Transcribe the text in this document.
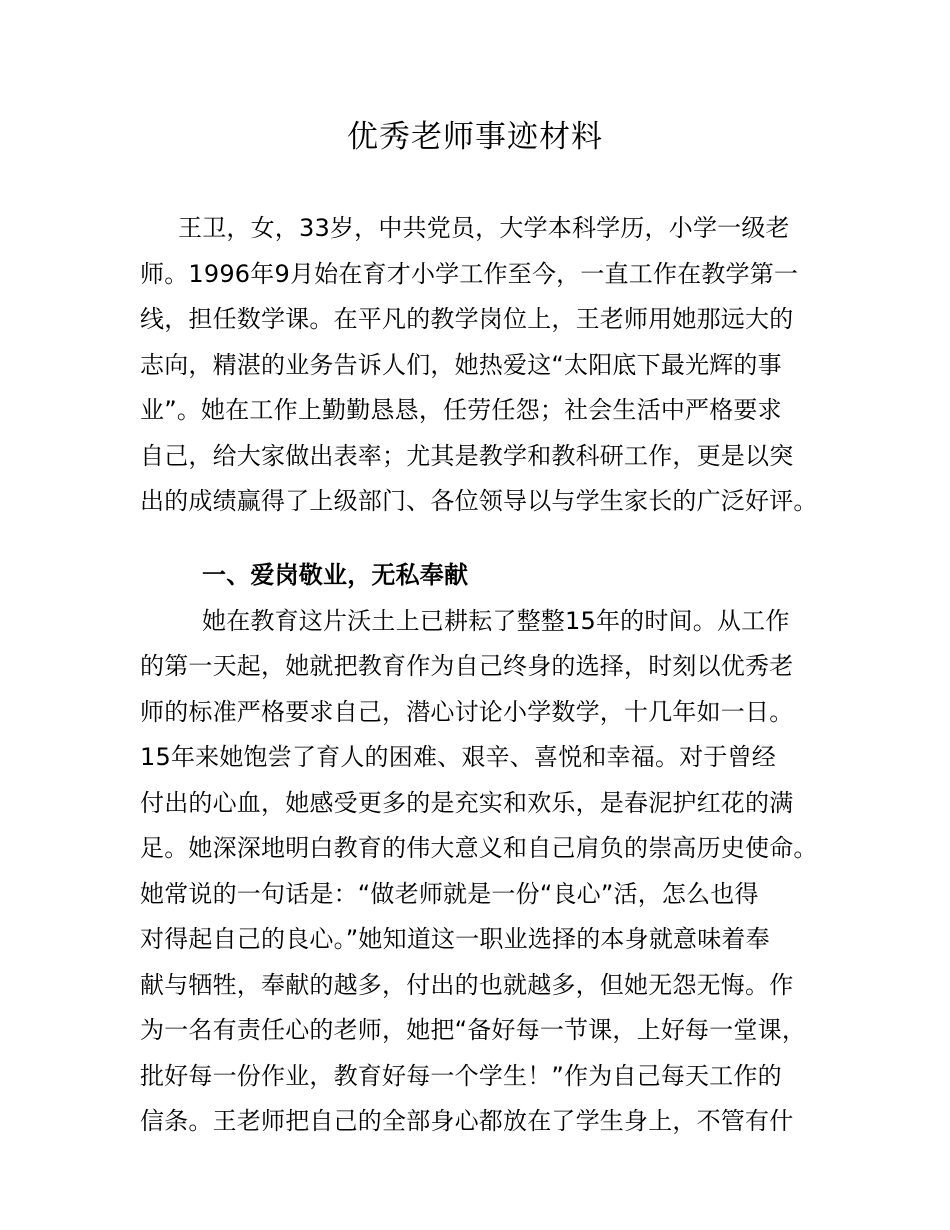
优秀老师事迹材料
王卫，女，33岁，中共党员，大学本科学历，小学一级老
师。1996年9月始在育才小学工作至今，一直工作在教学第一
线，担任数学课。在平凡的教学岗位上，王老师用她那远大的
志向，精湛的业务告诉人们，她热爱这“太阳底下最光辉的事
业”。她在工作上勤勤恳恳，任劳任怨；社会生活中严格要求
自己，给大家做出表率；尤其是教学和教科研工作，更是以突
出的成绩赢得了上级部门、各位领导以与学生家长的广泛好评。
一、爱岗敬业，无私奉献
她在教育这片沃土上已耕耘了整整15年的时间。从工作
的第一天起，她就把教育作为自己终身的选择，时刻以优秀老
师的标准严格要求自己，潜心讨论小学数学，十几年如一日。
15年来她饱尝了育人的困难、艰辛、喜悦和幸福。对于曾经
付出的心血，她感受更多的是充实和欢乐，是春泥护红花的满
足。她深深地明白教育的伟大意义和自己肩负的崇高历史使命。
她常说的一句话是：“做老师就是一份“良心”活，怎么也得
对得起自己的良心。”她知道这一职业选择的本身就意味着奉
献与牺牲，奉献的越多，付出的也就越多，但她无怨无悔。作
为一名有责任心的老师，她把“备好每一节课，上好每一堂课，
批好每一份作业，教育好每一个学生！”作为自己每天工作的
信条。王老师把自己的全部身心都放在了学生身上，不管有什
